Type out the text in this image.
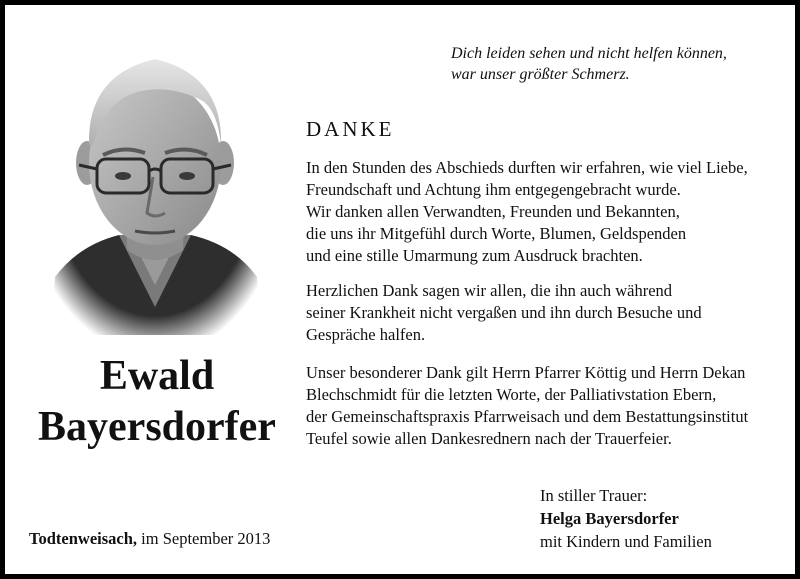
Ewald
Bayersdorfer
Dich leiden sehen und nicht helfen können,
war unser größter Schmerz.
DANKE
In den Stunden des Abschieds durften wir erfahren, wie viel Liebe,
Freundschaft und Achtung ihm entgegengebracht wurde.
Wir danken allen Verwandten, Freunden und Bekannten,
die uns ihr Mitgefühl durch Worte, Blumen, Geldspenden
und eine stille Umarmung zum Ausdruck brachten.
Herzlichen Dank sagen wir allen, die ihn auch während
seiner Krankheit nicht vergaßen und ihn durch Besuche und
Gespräche halfen.
Unser besonderer Dank gilt Herrn Pfarrer Köttig und Herrn Dekan
Blechschmidt für die letzten Worte, der Palliativstation Ebern,
der Gemeinschaftspraxis Pfarrweisach und dem Bestattungsinstitut
Teufel sowie allen Dankesrednern nach der Trauerfeier.
In stiller Trauer:
Helga Bayersdorfer
mit Kindern und Familien
Todtenweisach, im September 2013
